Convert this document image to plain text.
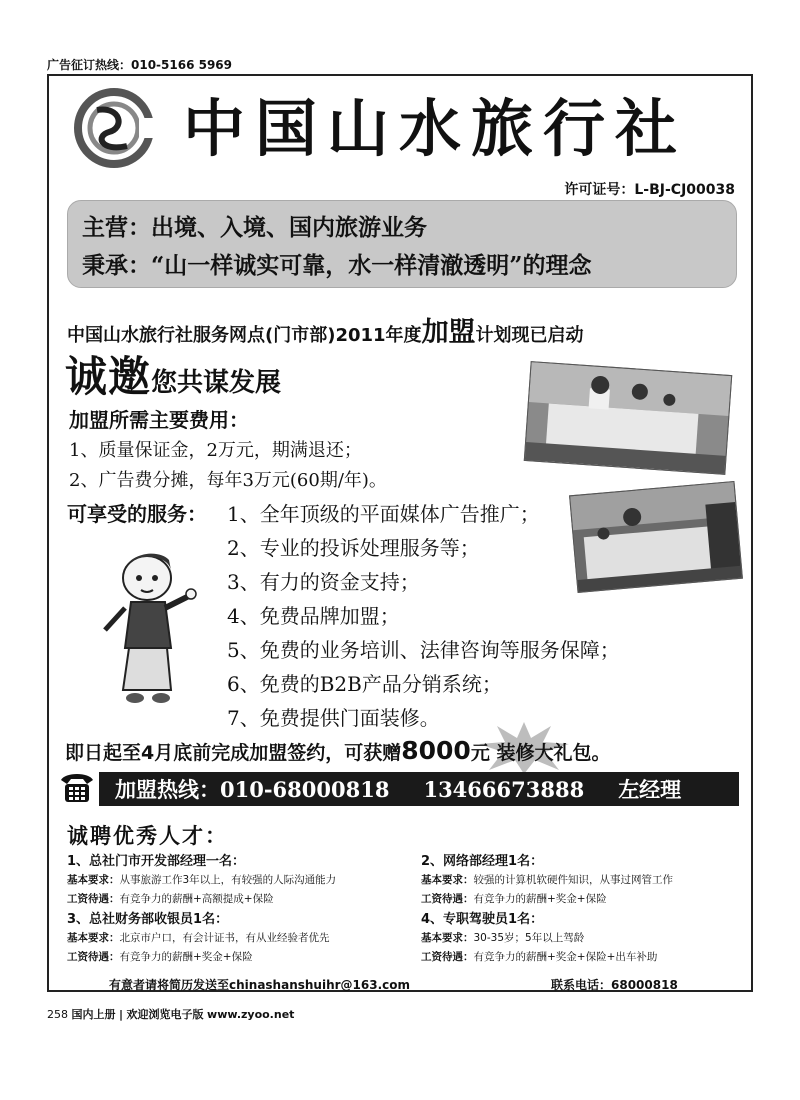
广告征订热线：010-5166 5969
中国山水旅行社
许可证号：L-BJ-CJ00038
主营：出境、入境、国内旅游业务
秉承：“山一样诚实可靠，水一样清澈透明”的理念
中国山水旅行社服务网点(门市部)2011年度加盟计划现已启动
诚邀您共谋发展
加盟所需主要费用：
1、质量保证金，2万元，期满退还；
2、广告费分摊，每年3万元(60期/年)。
可享受的服务： 1、全年顶级的平面媒体广告推广；
2、专业的投诉处理服务等；
3、有力的资金支持；
4、免费品牌加盟；
5、免费的业务培训、法律咨询等服务保障；
6、免费的B2B产品分销系统；
7、免费提供门面装修。
即日起至4月底前完成加盟签约，可获赠8000元 装修大礼包。
加盟热线：010-68000818 13466673888 左经理
诚聘优秀人才：
1、总社门市开发部经理一名：
基本要求：从事旅游工作3年以上，有较强的人际沟通能力
工资待遇：有竞争力的薪酬+高额提成+保险
2、网络部经理1名：
基本要求：较强的计算机软硬件知识，从事过网管工作
工资待遇：有竞争力的薪酬+奖金+保险
3、总社财务部收银员1名：
基本要求：北京市户口，有会计证书，有从业经验者优先
工资待遇：有竞争力的薪酬+奖金+保险
4、专职驾驶员1名：
基本要求：30-35岁；5年以上驾龄
工资待遇：有竞争力的薪酬+奖金+保险+出车补助
有意者请将简历发送至chinashanshuihr@163.com	联系电话：68000818
258 国内上册 | 欢迎浏览电子版 www.zyoo.net
